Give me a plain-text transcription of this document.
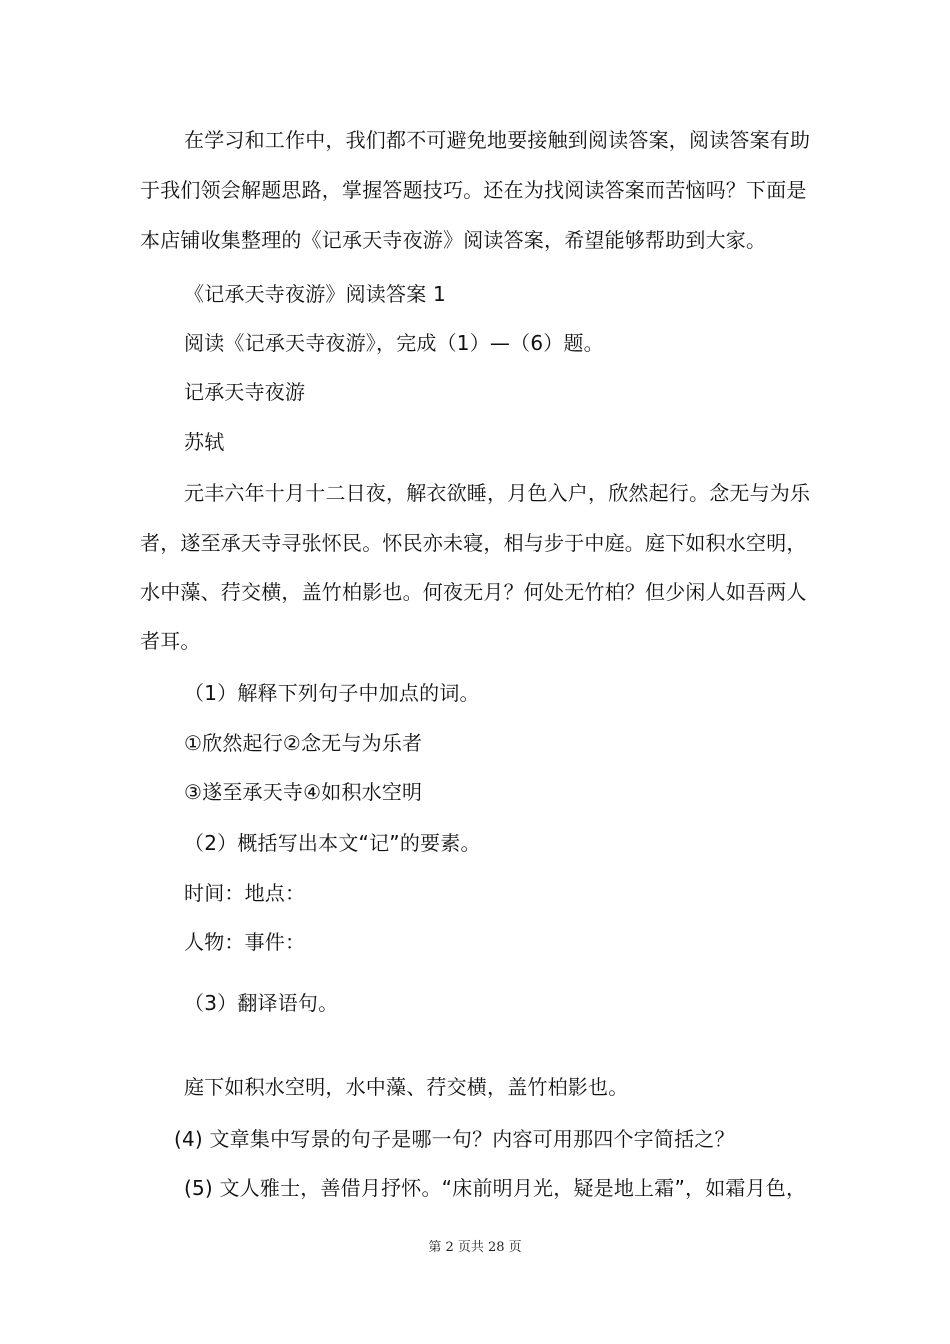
在学习和工作中，我们都不可避免地要接触到阅读答案，阅读答案有助
于我们领会解题思路，掌握答题技巧。还在为找阅读答案而苦恼吗？下面是
本店铺收集整理的《记承天寺夜游》阅读答案，希望能够帮助到大家。
《记承天寺夜游》阅读答案 1
阅读《记承天寺夜游》，完成（1）—（6）题。
记承天寺夜游
苏轼
元丰六年十月十二日夜，解衣欲睡，月色入户，欣然起行。念无与为乐
者，遂至承天寺寻张怀民。怀民亦未寝，相与步于中庭。庭下如积水空明，
水中藻、荇交横，盖竹柏影也。何夜无月？何处无竹柏？但少闲人如吾两人
者耳。
（1）解释下列句子中加点的词。
①欣然起行②念无与为乐者
③遂至承天寺④如积水空明
（2）概括写出本文“记”的要素。
时间：地点：
人物：事件：
（3）翻译语句。
庭下如积水空明，水中藻、荇交横，盖竹柏影也。
(4) 文章集中写景的句子是哪一句？内容可用那四个字简括之？
(5) 文人雅士，善借月抒怀。“床前明月光，疑是地上霜”，如霜月色，
第 2 页共 28 页
